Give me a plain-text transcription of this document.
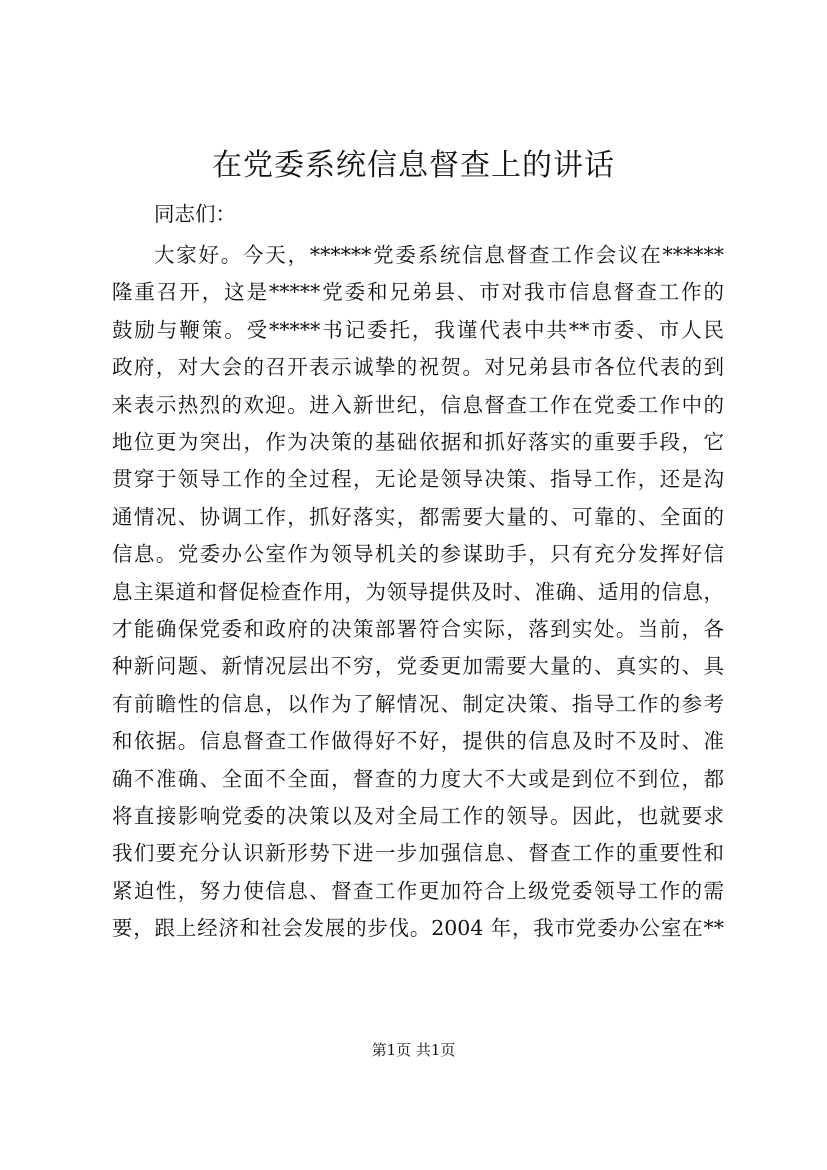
在党委系统信息督查上的讲话
同志们：
大家好。今天，******党委系统信息督查工作会议在******
隆重召开，这是*****党委和兄弟县、市对我市信息督查工作的
鼓励与鞭策。受*****书记委托，我谨代表中共**市委、市人民
政府，对大会的召开表示诚挚的祝贺。对兄弟县市各位代表的到
来表示热烈的欢迎。进入新世纪，信息督查工作在党委工作中的
地位更为突出，作为决策的基础依据和抓好落实的重要手段，它
贯穿于领导工作的全过程，无论是领导决策、指导工作，还是沟
通情况、协调工作，抓好落实，都需要大量的、可靠的、全面的
信息。党委办公室作为领导机关的参谋助手，只有充分发挥好信
息主渠道和督促检查作用，为领导提供及时、准确、适用的信息，
才能确保党委和政府的决策部署符合实际，落到实处。当前，各
种新问题、新情况层出不穷，党委更加需要大量的、真实的、具
有前瞻性的信息，以作为了解情况、制定决策、指导工作的参考
和依据。信息督查工作做得好不好，提供的信息及时不及时、准
确不准确、全面不全面，督查的力度大不大或是到位不到位，都
将直接影响党委的决策以及对全局工作的领导。因此，也就要求
我们要充分认识新形势下进一步加强信息、督查工作的重要性和
紧迫性，努力使信息、督查工作更加符合上级党委领导工作的需
要，跟上经济和社会发展的步伐。2004 年，我市党委办公室在**
第1页 共1页
